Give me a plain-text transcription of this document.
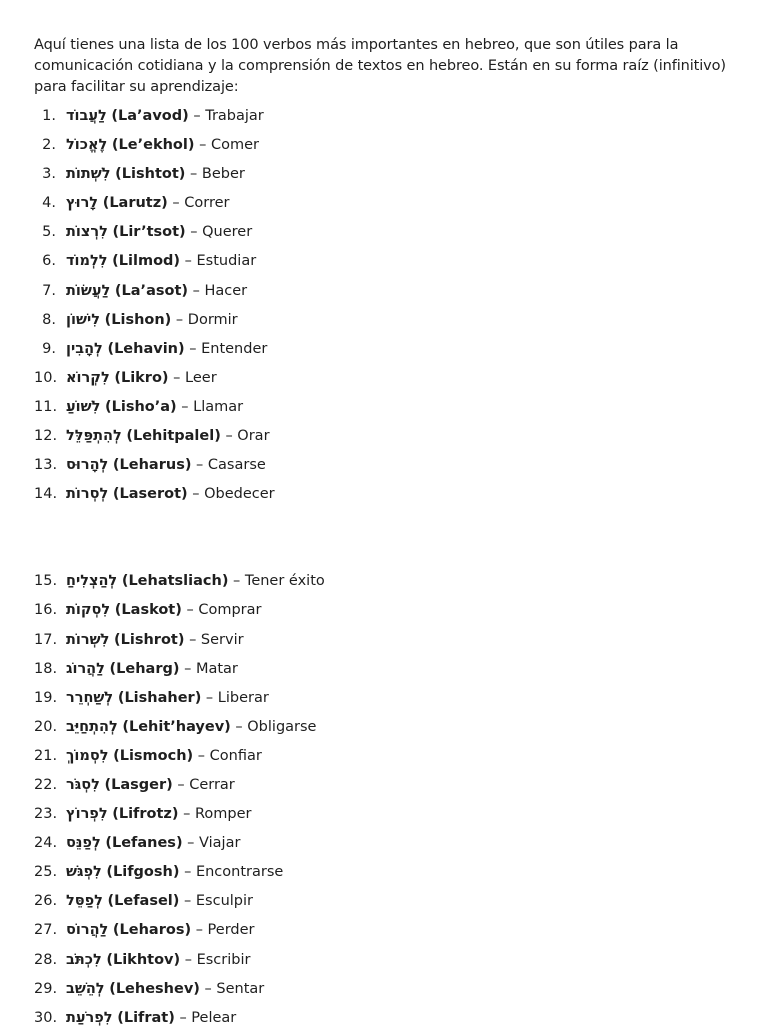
Aquí tienes una lista de los 100 verbos más importantes en hebreo, que son útiles para la comunicación cotidiana y la comprensión de textos en hebreo. Están en su forma raíz (infinitivo) para facilitar su aprendizaje:

1. לַעֲבוֹד (La’avod) – Trabajar
2. לֶאֱכוֹל (Le’ekhol) – Comer
3. לִשְׁתוֹת (Lishtot) – Beber
4. לָרוּץ (Larutz) – Correr
5. לִרְצוֹת (Lir’tsot) – Querer
6. לִלְמוֹד (Lilmod) – Estudiar
7. לַעֲשׂוֹת (La’asot) – Hacer
8. לִישׁוֹן (Lishon) – Dormir
9. לְהָבִין (Lehavin) – Entender
10. לִקְרוֹא (Likro) – Leer
11. לִשׁוֹעַ (Lisho’a) – Llamar
12. לְהִתְפַּלֵּל (Lehitpalel) – Orar
13. לְהָרוּס (Leharus) – Casarse
14. לְסְרוֹת (Laserot) – Obedecer
15. לְהַצְלִיחַ (Lehatsliach) – Tener éxito
16. לִסְקוֹת (Laskot) – Comprar
17. לִשְׁרוֹת (Lishrot) – Servir
18. לַהֲרוֹג (Leharg) – Matar
19. לְשַׁחְרֵר (Lishaher) – Liberar
20. לְהִתְחַיֵּב (Lehit’hayev) – Obligarse
21. לִסְמוֹךְ (Lismoch) – Confiar
22. לִסְגֹּר (Lasger) – Cerrar
23. לִפְרוֹץ (Lifrotz) – Romper
24. לְפַנֵּס (Lefanes) – Viajar
25. לִפְגֹּשׁ (Lifgosh) – Encontrarse
26. לְפַסֵּל (Lefasel) – Esculpir
27. לַהֲרוֹס (Leharos) – Perder
28. לִכְתֹּב (Likhtov) – Escribir
29. לְהֵשֵׁב (Leheshev) – Sentar
30. לִפְרֹעַת (Lifrat) – Pelear
